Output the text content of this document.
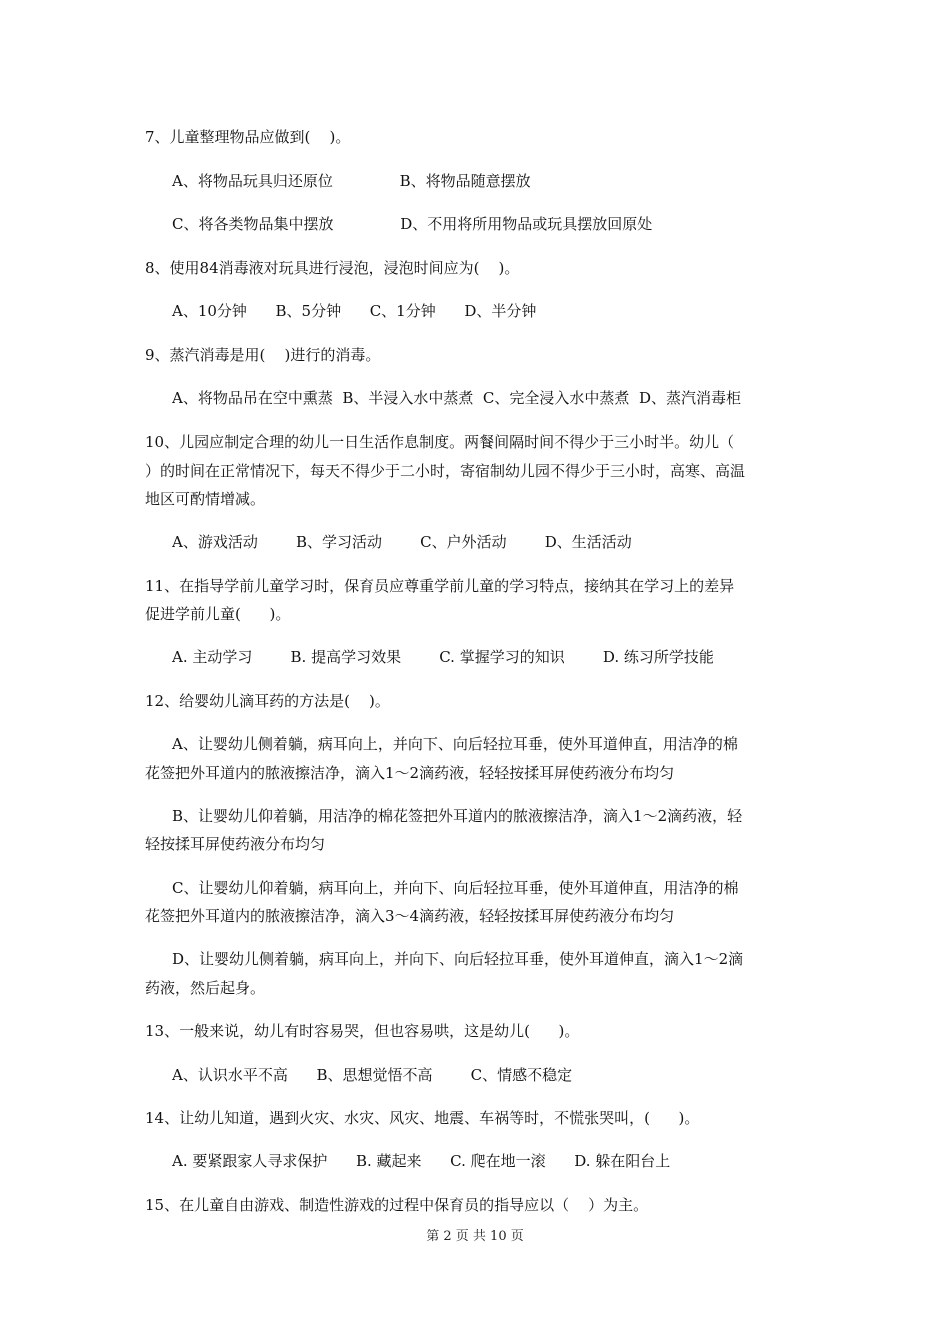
7、儿童整理物品应做到(    )。
A、将物品玩具归还原位              B、将物品随意摆放
C、将各类物品集中摆放              D、不用将所用物品或玩具摆放回原处
8、使用84消毒液对玩具进行浸泡，浸泡时间应为(    )。
A、10分钟      B、5分钟      C、1分钟      D、半分钟
9、蒸汽消毒是用(    )进行的消毒。
A、将物品吊在空中熏蒸  B、半浸入水中蒸煮  C、完全浸入水中蒸煮  D、蒸汽消毒柜
10、儿园应制定合理的幼儿一日生活作息制度。两餐间隔时间不得少于三小时半。幼儿（
）的时间在正常情况下，每天不得少于二小时，寄宿制幼儿园不得少于三小时，高寒、高温
地区可酌情增减。
A、游戏活动        B、学习活动        C、户外活动        D、生活活动
11、在指导学前儿童学习时，保育员应尊重学前儿童的学习特点，接纳其在学习上的差异
促进学前儿童(      )。
A. 主动学习        B. 提高学习效果        C. 掌握学习的知识        D. 练习所学技能
12、给婴幼儿滴耳药的方法是(    )。
A、让婴幼儿侧着躺，病耳向上，并向下、向后轻拉耳垂，使外耳道伸直，用洁净的棉
花签把外耳道内的脓液擦洁净，滴入1～2滴药液，轻轻按揉耳屏使药液分布均匀
B、让婴幼儿仰着躺，用洁净的棉花签把外耳道内的脓液擦洁净，滴入1～2滴药液，轻
轻按揉耳屏使药液分布均匀
C、让婴幼儿仰着躺，病耳向上，并向下、向后轻拉耳垂，使外耳道伸直，用洁净的棉
花签把外耳道内的脓液擦洁净，滴入3～4滴药液，轻轻按揉耳屏使药液分布均匀
D、让婴幼儿侧着躺，病耳向上，并向下、向后轻拉耳垂，使外耳道伸直，滴入1～2滴
药液，然后起身。
13、一般来说，幼儿有时容易哭，但也容易哄，这是幼儿(      )。
A、认识水平不高      B、思想觉悟不高        C、情感不稳定
14、让幼儿知道，遇到火灾、水灾、风灾、地震、车祸等时，不慌张哭叫，(      )。
A. 要紧跟家人寻求保护      B. 藏起来      C. 爬在地一滚      D. 躲在阳台上
15、在儿童自由游戏、制造性游戏的过程中保育员的指导应以（    ）为主。
第 2 页 共 10 页
